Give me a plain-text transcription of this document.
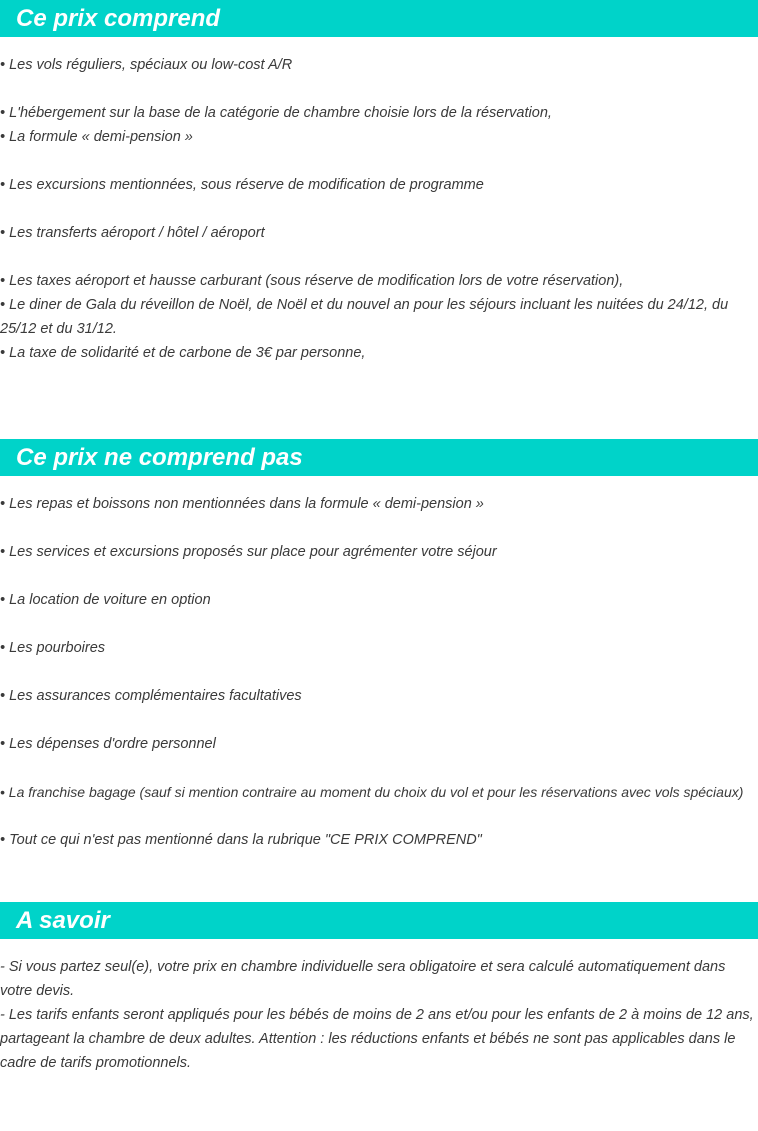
Ce prix comprend
• Les vols réguliers, spéciaux ou low-cost A/R
• L'hébergement sur la base de la catégorie de chambre choisie lors de la réservation,
• La formule « demi-pension »
• Les excursions mentionnées, sous réserve de modification de programme
• Les transferts aéroport / hôtel / aéroport
• Les taxes aéroport et hausse carburant (sous réserve de modification lors de votre réservation),
• Le diner de Gala du réveillon de Noël, de Noël et du nouvel an pour les séjours incluant les nuitées du 24/12, du 25/12 et du 31/12.
• La taxe de solidarité et de carbone de 3€ par personne,
Ce prix ne comprend pas
• Les repas et boissons non mentionnées dans la formule « demi-pension »
• Les services et excursions proposés sur place pour agrémenter votre séjour
• La location de voiture en option
• Les pourboires
• Les assurances complémentaires facultatives
• Les dépenses d'ordre personnel
• La franchise bagage (sauf si mention contraire au moment du choix du vol et pour les réservations avec vols spéciaux)
• Tout ce qui n'est pas mentionné dans la rubrique "CE PRIX COMPREND"
A savoir
- Si vous partez seul(e), votre prix en chambre individuelle sera obligatoire et sera calculé automatiquement dans votre devis.
- Les tarifs enfants seront appliqués pour les bébés de moins de 2 ans et/ou pour les enfants de 2 à moins de 12 ans, partageant la chambre de deux adultes. Attention : les réductions enfants et bébés ne sont pas applicables dans le cadre de tarifs promotionnels.
